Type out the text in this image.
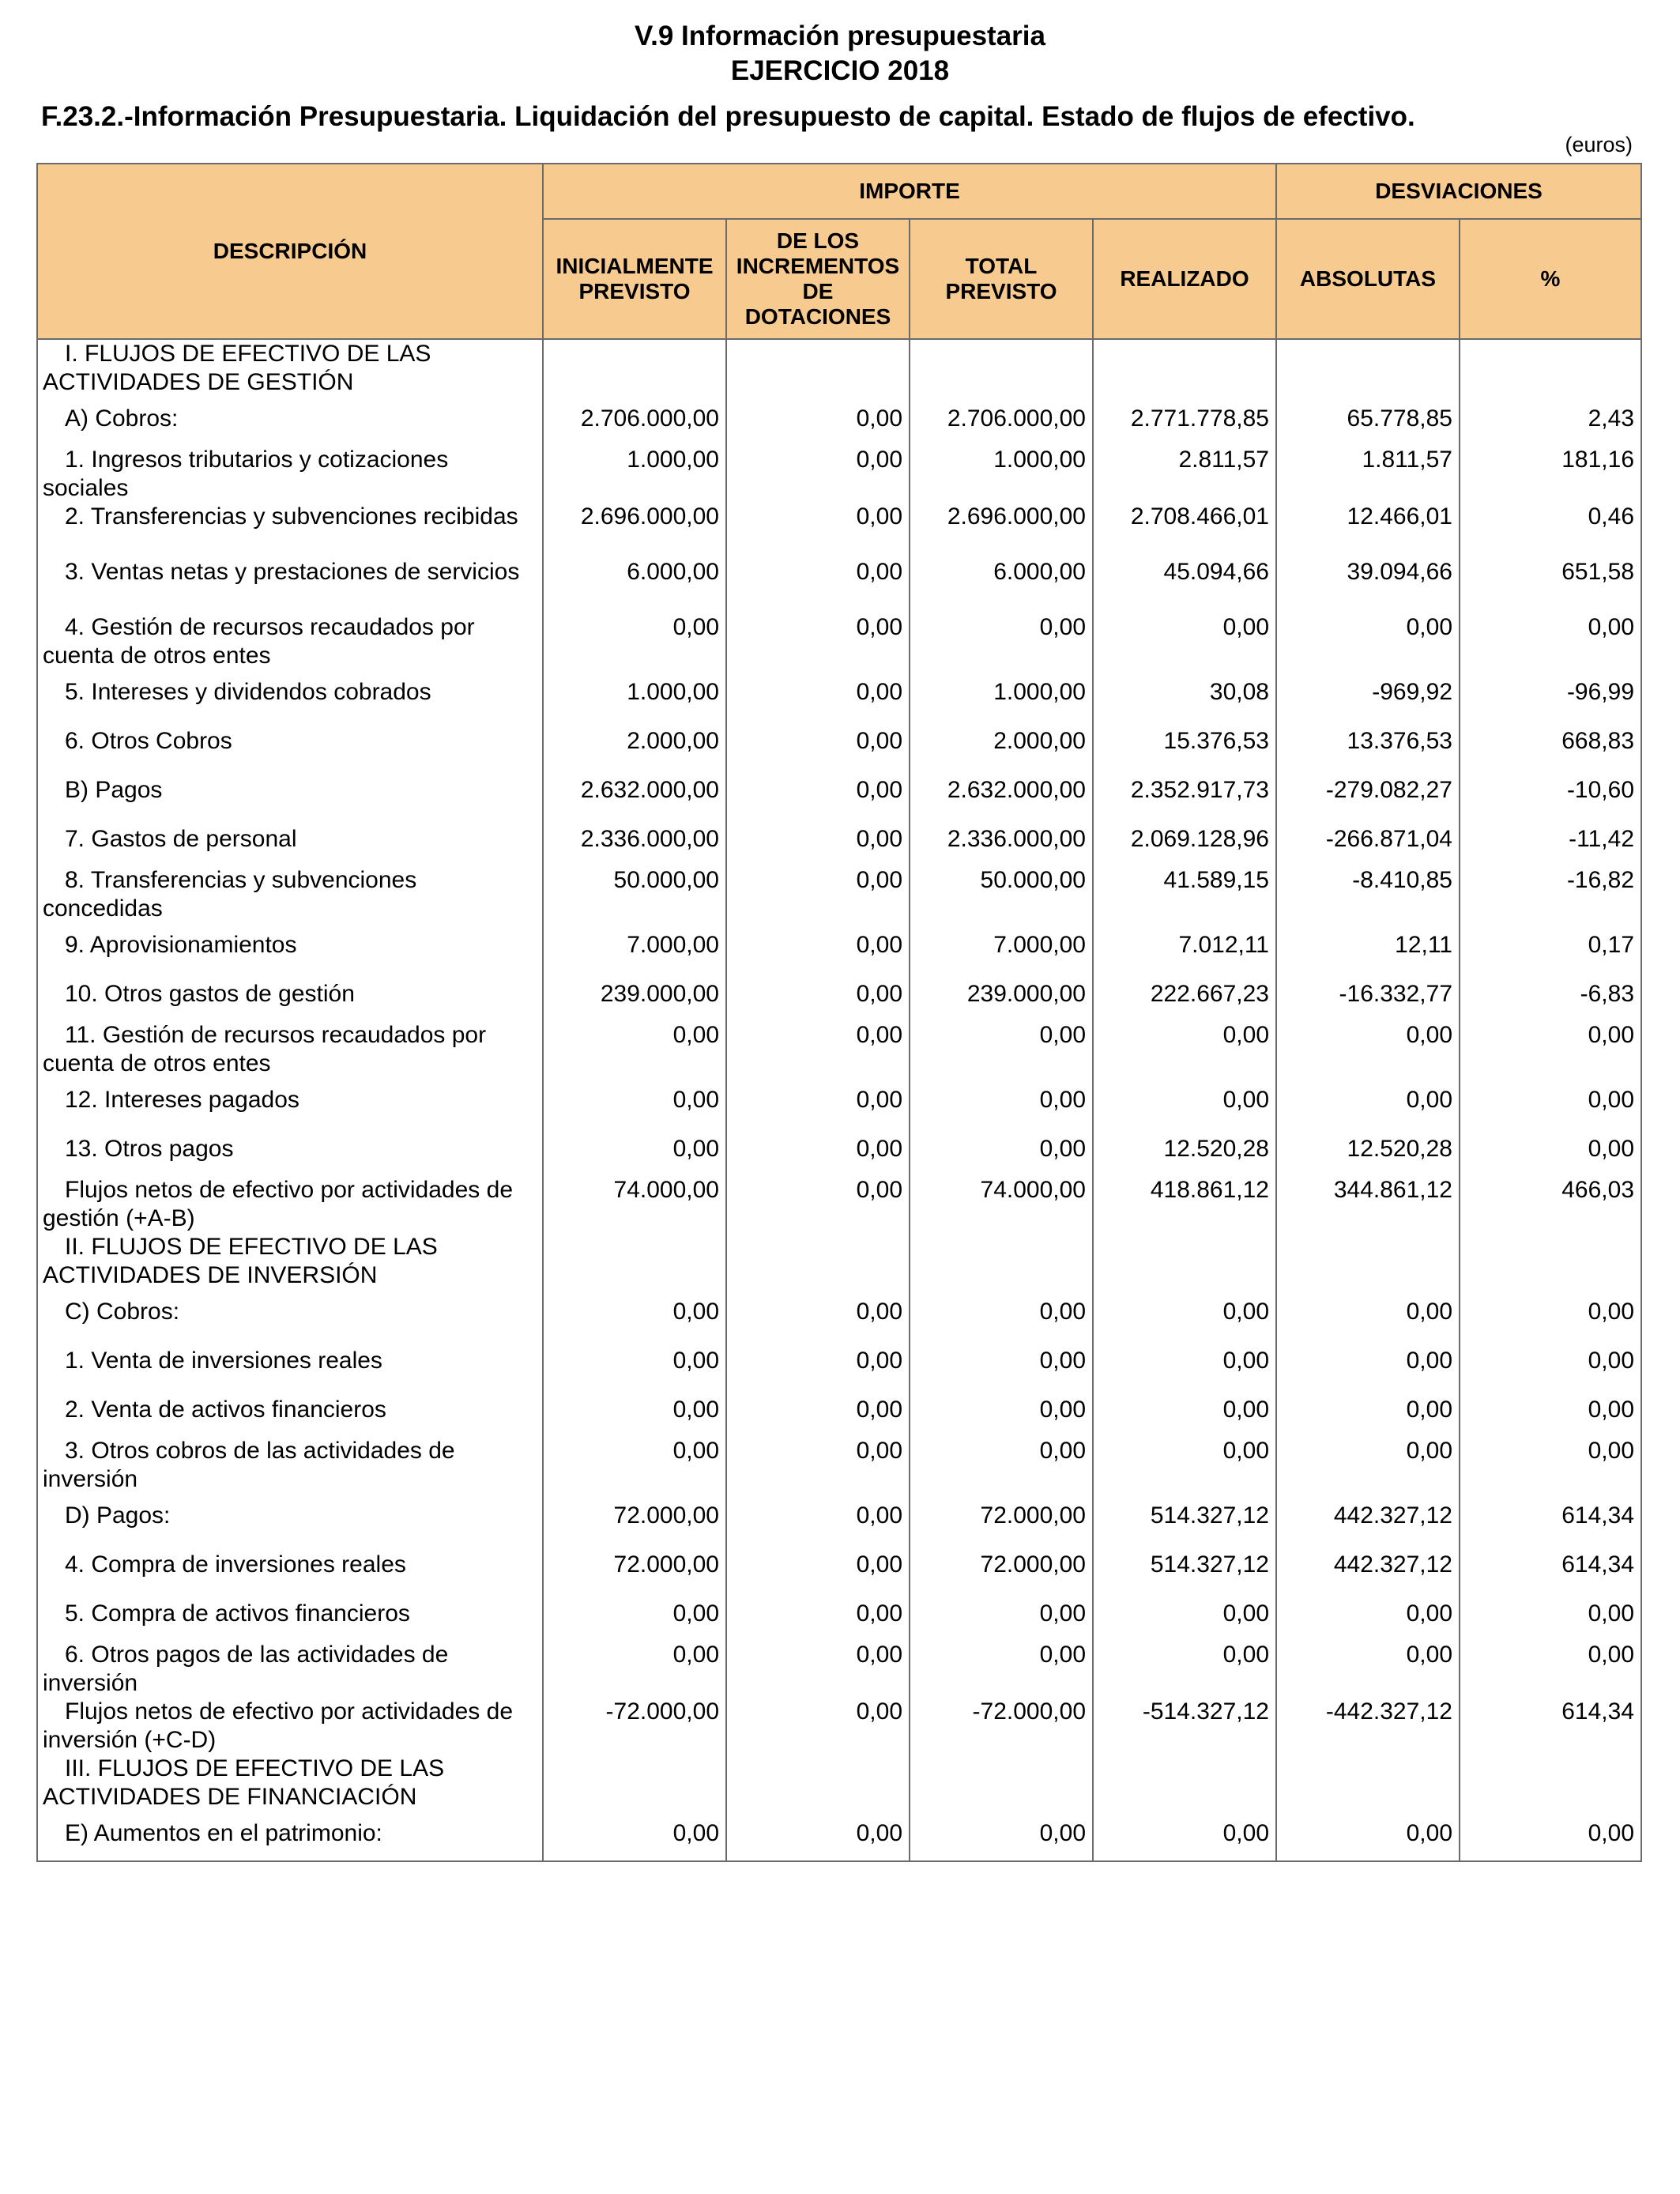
V.9 Información presupuestaria
EJERCICIO 2018
F.23.2.-Información Presupuestaria. Liquidación del presupuesto de capital. Estado de flujos de efectivo.
(euros)
DESCRIPCIÓN	IMPORTE				DESVIACIONES	
	INICIALMENTE PREVISTO	DE LOS INCREMENTOS DE DOTACIONES	TOTAL PREVISTO	REALIZADO	ABSOLUTAS	%
I. FLUJOS DE EFECTIVO DE LAS ACTIVIDADES DE GESTIÓN						
A) Cobros:	2.706.000,00	0,00	2.706.000,00	2.771.778,85	65.778,85	2,43
1. Ingresos tributarios y cotizaciones sociales	1.000,00	0,00	1.000,00	2.811,57	1.811,57	181,16
2. Transferencias y subvenciones recibidas	2.696.000,00	0,00	2.696.000,00	2.708.466,01	12.466,01	0,46
3. Ventas netas y prestaciones de servicios	6.000,00	0,00	6.000,00	45.094,66	39.094,66	651,58
4. Gestión de recursos recaudados por cuenta de otros entes	0,00	0,00	0,00	0,00	0,00	0,00
5. Intereses y dividendos cobrados	1.000,00	0,00	1.000,00	30,08	-969,92	-96,99
6. Otros Cobros	2.000,00	0,00	2.000,00	15.376,53	13.376,53	668,83
B) Pagos	2.632.000,00	0,00	2.632.000,00	2.352.917,73	-279.082,27	-10,60
7. Gastos de personal	2.336.000,00	0,00	2.336.000,00	2.069.128,96	-266.871,04	-11,42
8. Transferencias y subvenciones concedidas	50.000,00	0,00	50.000,00	41.589,15	-8.410,85	-16,82
9. Aprovisionamientos	7.000,00	0,00	7.000,00	7.012,11	12,11	0,17
10. Otros gastos de gestión	239.000,00	0,00	239.000,00	222.667,23	-16.332,77	-6,83
11. Gestión de recursos recaudados por cuenta de otros entes	0,00	0,00	0,00	0,00	0,00	0,00
12. Intereses pagados	0,00	0,00	0,00	0,00	0,00	0,00
13. Otros pagos	0,00	0,00	0,00	12.520,28	12.520,28	0,00
Flujos netos de efectivo por actividades de gestión (+A-B)	74.000,00	0,00	74.000,00	418.861,12	344.861,12	466,03
II. FLUJOS DE EFECTIVO DE LAS ACTIVIDADES DE INVERSIÓN						
C) Cobros:	0,00	0,00	0,00	0,00	0,00	0,00
1. Venta de inversiones reales	0,00	0,00	0,00	0,00	0,00	0,00
2. Venta de activos financieros	0,00	0,00	0,00	0,00	0,00	0,00
3. Otros cobros de las actividades de inversión	0,00	0,00	0,00	0,00	0,00	0,00
D) Pagos:	72.000,00	0,00	72.000,00	514.327,12	442.327,12	614,34
4. Compra de inversiones reales	72.000,00	0,00	72.000,00	514.327,12	442.327,12	614,34
5. Compra de activos financieros	0,00	0,00	0,00	0,00	0,00	0,00
6. Otros pagos de las actividades de inversión	0,00	0,00	0,00	0,00	0,00	0,00
Flujos netos de efectivo por actividades de inversión (+C-D)	-72.000,00	0,00	-72.000,00	-514.327,12	-442.327,12	614,34
III. FLUJOS DE EFECTIVO DE LAS ACTIVIDADES DE FINANCIACIÓN						
E) Aumentos en el patrimonio:	0,00	0,00	0,00	0,00	0,00	0,00
